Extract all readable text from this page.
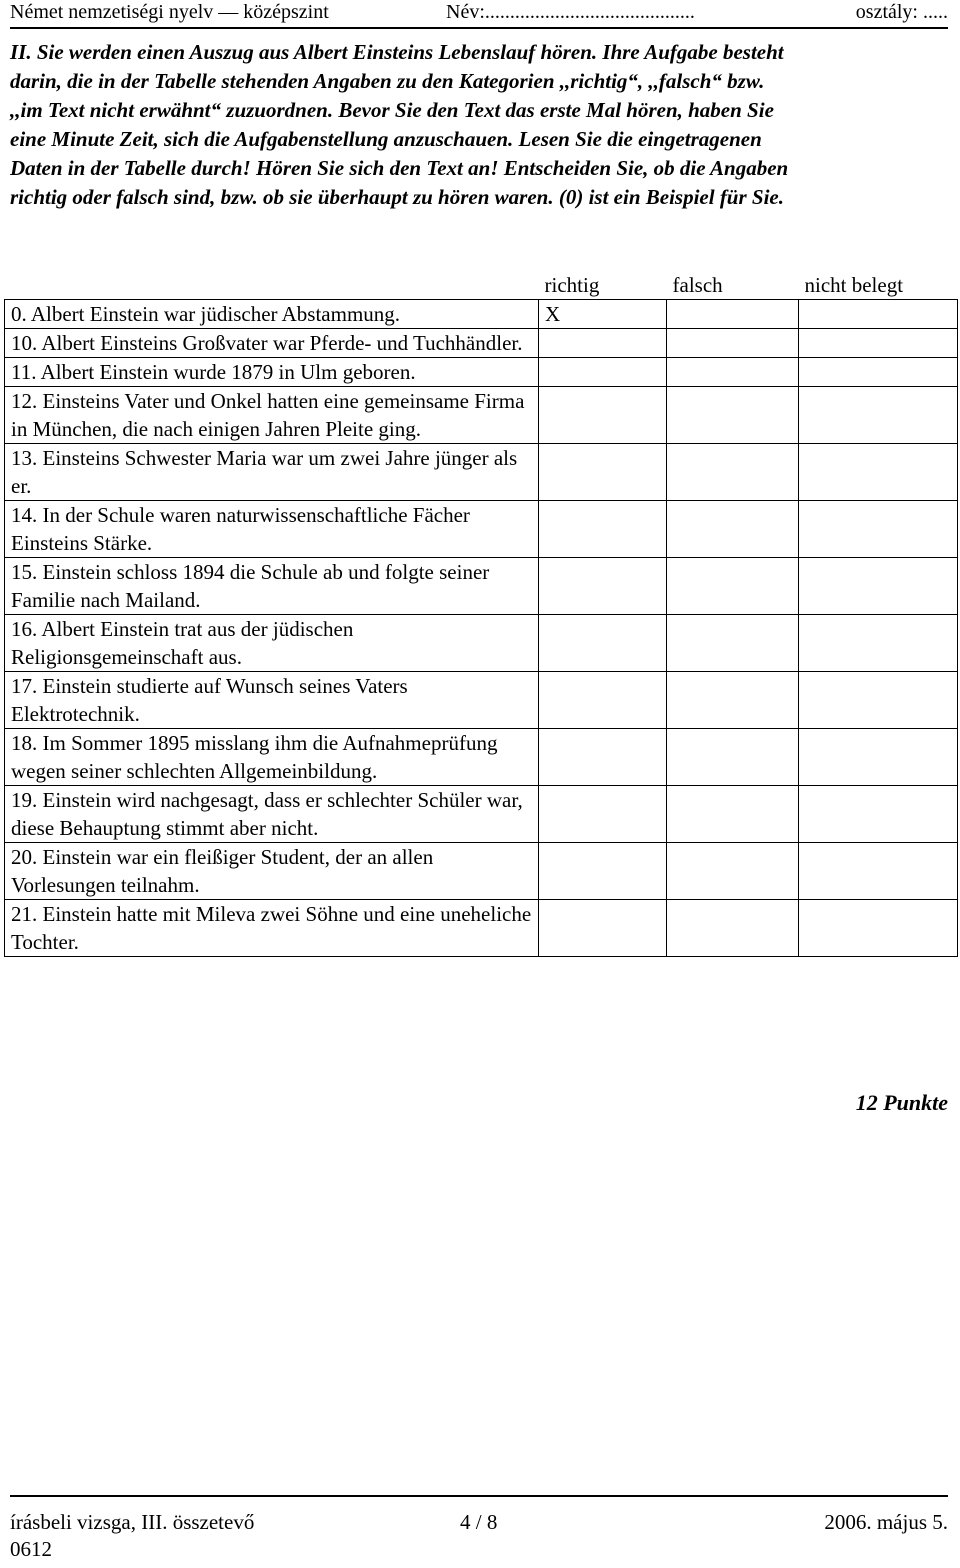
Német nemzetiségi nyelv — középszint	Név:..........................................	osztály: .....
II. Sie werden einen Auszug aus Albert Einsteins Lebenslauf hören. Ihre Aufgabe besteht
darin, die in der Tabelle stehenden Angaben zu den Kategorien ,,richtig“, ,,falsch“ bzw.
,,im Text nicht erwähnt“ zuzuordnen. Bevor Sie den Text das erste Mal hören, haben Sie
eine Minute Zeit, sich die Aufgabenstellung anzuschauen. Lesen Sie die eingetragenen
Daten in der Tabelle durch! Hören Sie sich den Text an! Entscheiden Sie, ob die Angaben
richtig oder falsch sind, bzw. ob sie überhaupt zu hören waren. (0) ist ein Beispiel für Sie.
	richtig	falsch	nicht belegt
0. Albert Einstein war jüdischer Abstammung.	X		
10. Albert Einsteins Großvater war Pferde- und Tuchhändler.			
11. Albert Einstein wurde 1879 in Ulm geboren.			
12. Einsteins Vater und Onkel hatten eine gemeinsame Firma in München, die nach einigen Jahren Pleite ging.			
13. Einsteins Schwester Maria war um zwei Jahre jünger als er.			
14. In der Schule waren naturwissenschaftliche Fächer Einsteins Stärke.			
15. Einstein schloss 1894 die Schule ab und folgte seiner Familie nach Mailand.			
16. Albert Einstein trat aus der jüdischen Religionsgemeinschaft aus.			
17. Einstein studierte auf Wunsch seines Vaters Elektrotechnik.			
18. Im Sommer 1895 misslang ihm die Aufnahmeprüfung wegen seiner schlechten Allgemeinbildung.			
19. Einstein wird nachgesagt, dass er schlechter Schüler war, diese Behauptung stimmt aber nicht.			
20. Einstein war ein fleißiger Student, der an allen Vorlesungen teilnahm.			
21. Einstein hatte mit Mileva zwei Söhne und eine uneheliche Tochter.			
12 Punkte
írásbeli vizsga, III. összetevő	4 / 8	2006. május 5.
0612
